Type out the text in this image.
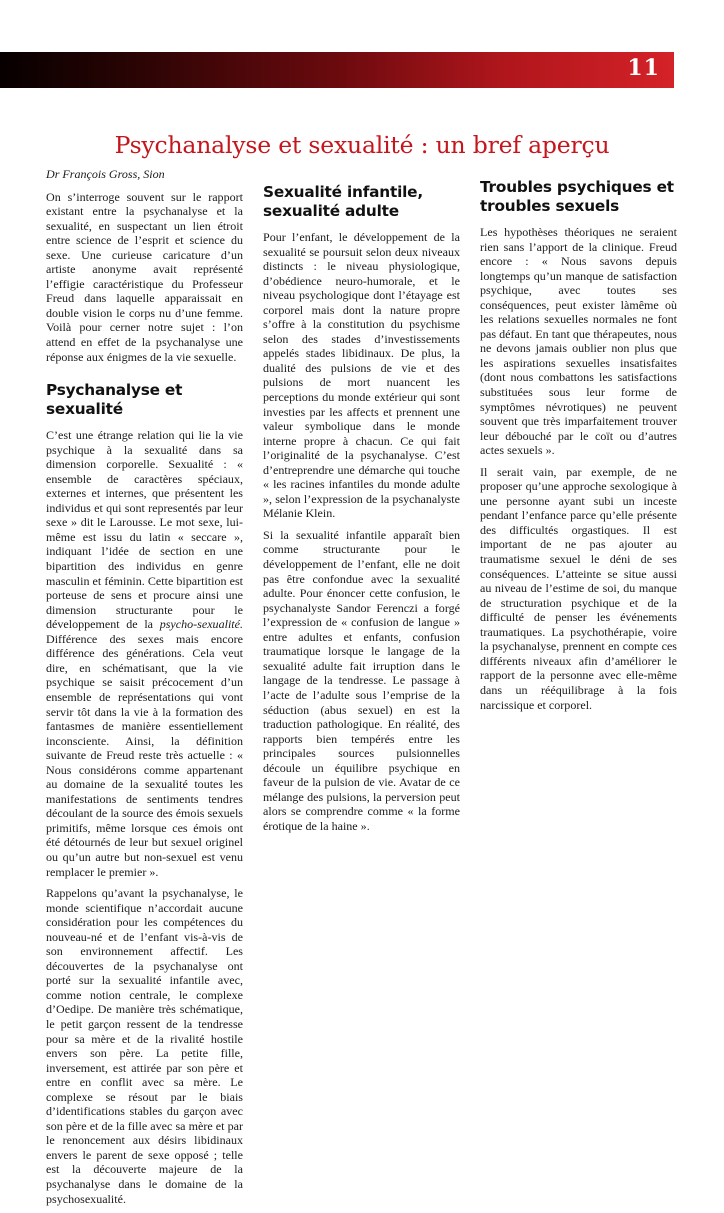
11
Psychanalyse et sexualité : un bref aperçu

Dr François Gross, Sion

On s’interroge souvent sur le rapport existant entre la psychanalyse et la sexualité, en suspectant un lien étroit entre science de l’esprit et science du sexe. Une curieuse caricature d’un artiste anonyme avait représenté l’effigie caractéristique du Professeur Freud dans laquelle apparaissait en double vision le corps nu d’une femme. Voilà pour cerner notre sujet : l’on attend en effet de la psychanalyse une réponse aux énigmes de la vie sexuelle.

Psychanalyse et sexualité

C’est une étrange relation qui lie la vie psychique à la sexualité dans sa dimension corporelle. Sexualité : « ensemble de caractères spéciaux, externes et internes, que présentent les individus et qui sont representés par leur sexe » dit le Larousse. Le mot sexe, lui-même est issu du latin « seccare », indiquant l’idée de section en une bipartition des individus en genre masculin et féminin. Cette bipartition est porteuse de sens et procure ainsi une dimension structurante pour le développement de la psycho-sexualité. Différence des sexes mais encore différence des générations. Cela veut dire, en schématisant, que la vie psychique se saisit précocement d’un ensemble de représentations qui vont servir tôt dans la vie à la formation des fantasmes de manière essentiellement inconsciente. Ainsi, la définition suivante de Freud reste très actuelle : « Nous considérons comme appartenant au domaine de la sexualité toutes les manifestations de sentiments tendres découlant de la source des émois sexuels primitifs, même lorsque ces émois ont été détournés de leur but sexuel originel ou qu’un autre but non-sexuel est venu remplacer le premier ».

Rappelons qu’avant la psychanalyse, le monde scientifique n’accordait aucune considération pour les compétences du nouveau-né et de l’enfant vis-à-vis de son environnement affectif. Les découvertes de la psychanalyse ont porté sur la sexualité infantile avec, comme notion centrale, le complexe d’Oedipe. De manière très schématique, le petit garçon ressent de la tendresse pour sa mère et de la rivalité hostile envers son père. La petite fille, inversement, est attirée par son père et entre en conflit avec sa mère. Le complexe se résout par le biais d’identifications stables du garçon avec son père et de la fille avec sa mère et par le renoncement aux désirs libidinaux envers le parent de sexe opposé ; telle est la découverte majeure de la psychanalyse dans le domaine de la psychosexualité.

Sexualité infantile, sexualité adulte

Pour l’enfant, le développement de la sexualité se poursuit selon deux niveaux distincts : le niveau physiologique, d’obédience neuro-humorale, et le niveau psychologique dont l’étayage est corporel mais dont la nature propre s’offre à la constitution du psychisme selon des stades d’investissements appelés stades libidinaux. De plus, la dualité des pulsions de vie et des pulsions de mort nuancent les perceptions du monde extérieur qui sont investies par les affects et prennent une valeur symbolique dans le monde interne propre à chacun. Ce qui fait l’originalité de la psychanalyse. C’est d’entreprendre une démarche qui touche « les racines infantiles du monde adulte », selon l’expression de la psychanalyste Mélanie Klein.

Si la sexualité infantile apparaît bien comme structurante pour le développement de l’enfant, elle ne doit pas être confondue avec la sexualité adulte. Pour énoncer cette confusion, le psychanalyste Sandor Ferenczi a forgé l’expression de « confusion de langue » entre adultes et enfants, confusion traumatique lorsque le langage de la sexualité adulte fait irruption dans le langage de la tendresse. Le passage à l’acte de l’adulte sous l’emprise de la séduction (abus sexuel) en est la traduction pathologique. En réalité, des rapports bien tempérés entre les principales sources pulsionnelles découle un équilibre psychique en faveur de la pulsion de vie. Avatar de ce mélange des pulsions, la perversion peut alors se comprendre comme « la forme érotique de la haine ».

Troubles psychiques et troubles sexuels

Les hypothèses théoriques ne seraient rien sans l’apport de la clinique. Freud encore : « Nous savons depuis longtemps qu’un manque de satisfaction psychique, avec toutes ses conséquences, peut exister làmême où les relations sexuelles normales ne font pas défaut. En tant que thérapeutes, nous ne devons jamais oublier non plus que les aspirations sexuelles insatisfaites (dont nous combattons les satisfactions substituées sous leur forme de symptômes névrotiques) ne peuvent souvent que très imparfaitement trouver leur débouché par le coït ou d’autres actes sexuels ».

Il serait vain, par exemple, de ne proposer qu’une approche sexologique à une personne ayant subi un inceste pendant l’enfance parce qu’elle présente des difficultés orgastiques. Il est important de ne pas ajouter au traumatisme sexuel le déni de ses conséquences. L’atteinte se situe aussi au niveau de l’estime de soi, du manque de structuration psychique et de la difficulté de penser les événements traumatiques. La psychothérapie, voire la psychanalyse, prennent en compte ces différents niveaux afin d’améliorer le rapport de la personne avec elle-même dans un rééquilibrage à la fois narcissique et corporel.
